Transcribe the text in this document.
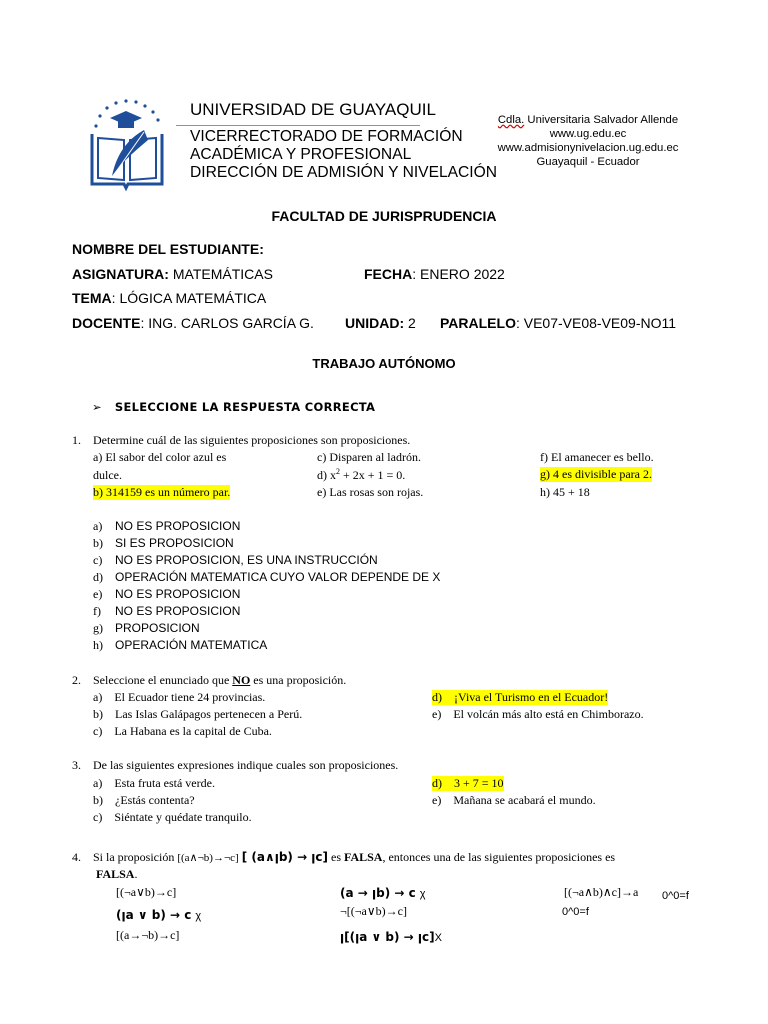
UNIVERSIDAD DE GUAYAQUIL
VICERRECTORADO DE FORMACIÓN
ACADÉMICA Y PROFESIONAL
DIRECCIÓN DE ADMISIÓN Y NIVELACIÓN
Cdla. Universitaria Salvador Allende
www.ug.edu.ec
www.admisionynivelacion.ug.edu.ec
Guayaquil - Ecuador
FACULTAD DE JURISPRUDENCIA
NOMBRE DEL ESTUDIANTE:
ASIGNATURA: MATEMÁTICAS	FECHA: ENERO 2022
TEMA: LÓGICA MATEMÁTICA
DOCENTE: ING. CARLOS GARCÍA G. UNIDAD: 2 PARALELO: VE07-VE08-VE09-NO11
TRABAJO AUTÓNOMO
➢ SELECCIONE LA RESPUESTA CORRECTA
1. Determine cuál de las siguientes proposiciones son proposiciones.
a) El sabor del color azul es
dulce.
b) 314159 es un número par.
c) Disparen al ladrón.
d) $x^2 + 2x + 1 = 0$.
e) Las rosas son rojas.
f) El amanecer es bello.
g) 4 es divisible para 2.
h) 45 + 18
a) NO ES PROPOSICION
b) SI ES PROPOSICION
c) NO ES PROPOSICION, ES UNA INSTRUCCIÓN
d) OPERACIÓN MATEMATICA CUYO VALOR DEPENDE DE X
e) NO ES PROPOSICION
f) NO ES PROPOSICION
g) PROPOSICION
h) OPERACIÓN MATEMATICA
2. Seleccione el enunciado que NO es una proposición.
a) El Ecuador tiene 24 provincias.
b) Las Islas Galápagos pertenecen a Perú.
c) La Habana es la capital de Cuba.
d) ¡Viva el Turismo en el Ecuador!
e) El volcán más alto está en Chimborazo.
3. De las siguientes expresiones indique cuales son proposiciones.
a) Esta fruta está verde.
b) ¿Estás contenta?
c) Siéntate y quédate tranquilo.
d) 3 + 7 = 10
e) Mañana se acabará el mundo.
4. Si la proposición [(a∧¬b)→¬c] [ (a∧ꞁb) → ꞁc] es FALSA, entonces una de las siguientes proposiciones es
FALSA.
[(¬a∨b)→c]	(a → ꞁb) → c χ	[(¬a∧b)∧c]→a 0^0=f
(ꞁa ∨ b) → c χ	¬[(¬a∨b)→c]	0^0=f
[(a→¬b)→c]	ꞁ[(ꞁa ∨ b) → ꞁc]X
